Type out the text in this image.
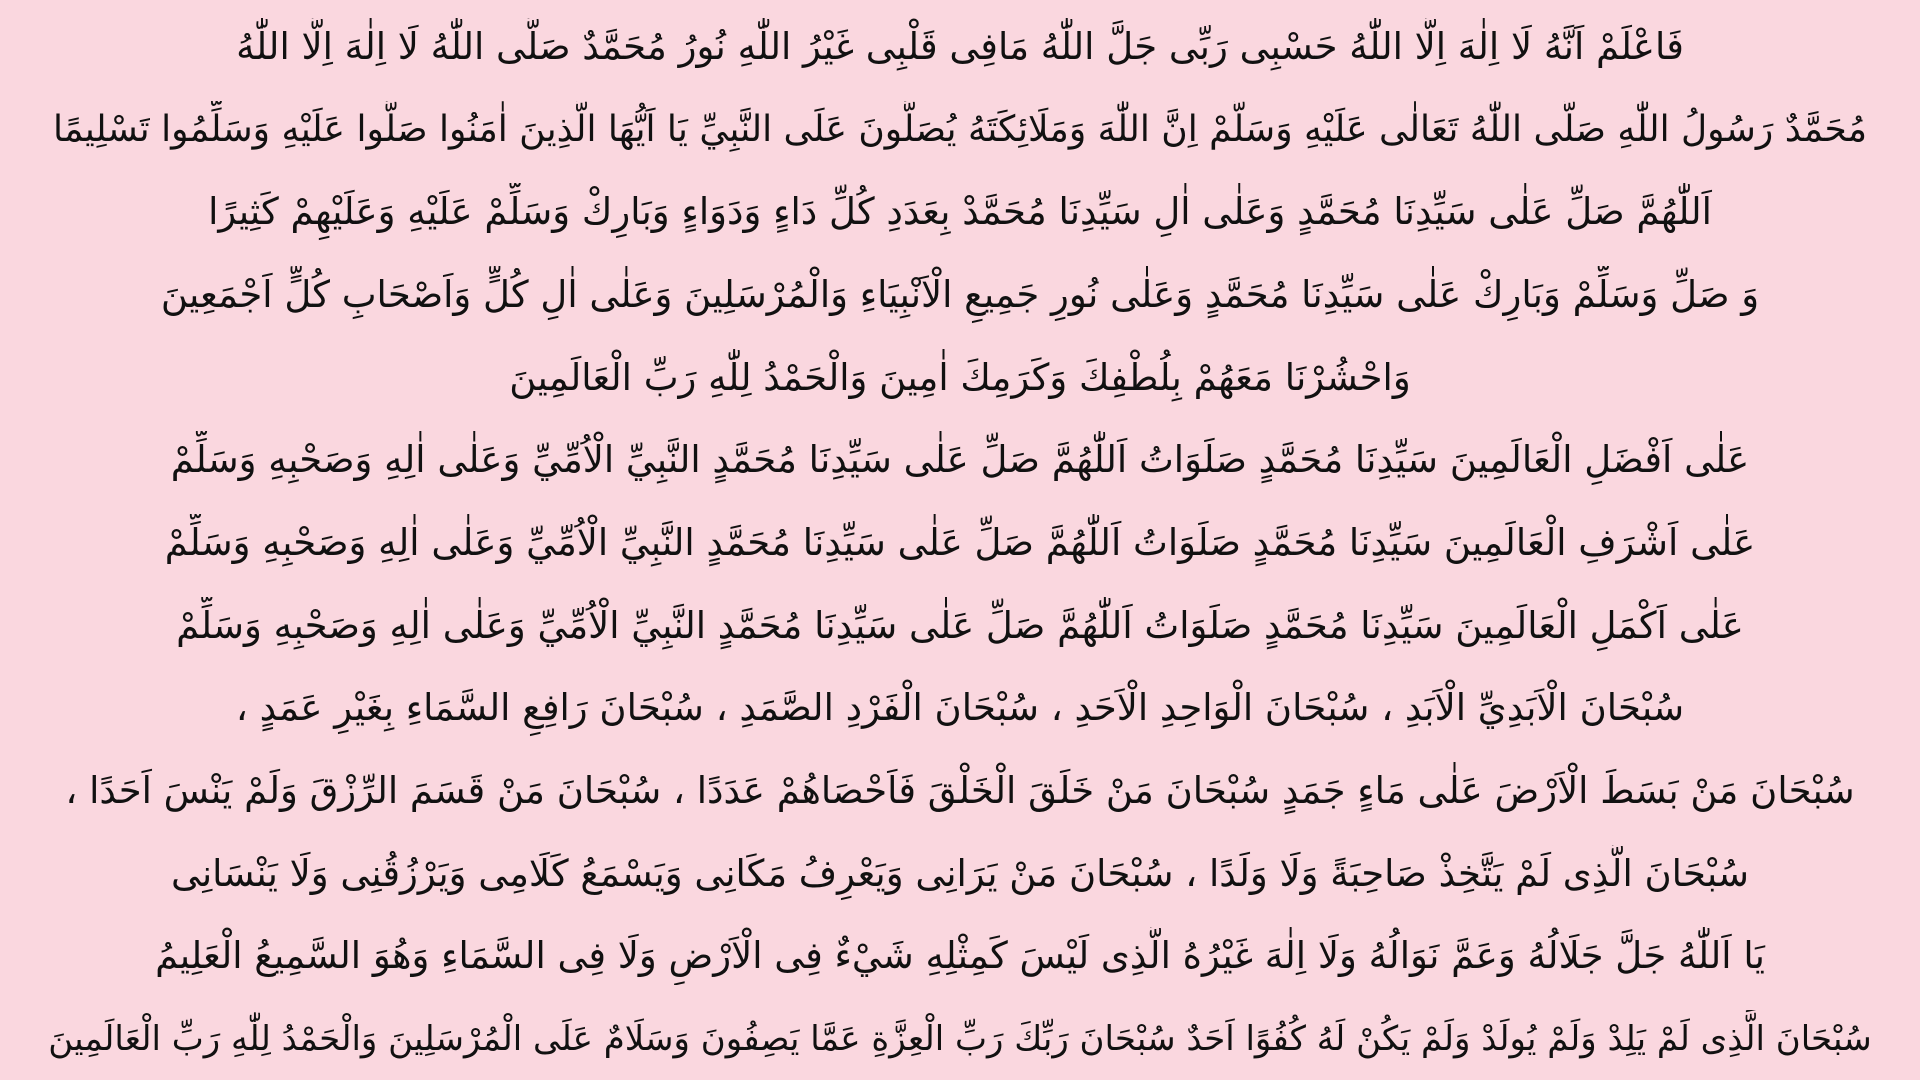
فَاعْلَمْ اَنَّهُ لَا اِلٰهَ اِلَّا اللّٰهُ حَسْبِى رَبِّى جَلَّ اللّٰهُ مَافِى قَلْبِى غَيْرُ اللّٰهِ نُورُ مُحَمَّدٌ صَلَّى اللّٰهُ لَا اِلٰهَ اِلَّا اللّٰهُ
مُحَمَّدٌ رَسُولُ اللّٰهِ صَلَّى اللّٰهُ تَعَالٰى عَلَيْهِ وَسَلَّمْ اِنَّ اللّٰهَ وَمَلَائِكَتَهُ يُصَلُّونَ عَلَى النَّبِيِّ يَا اَيُّهَا الَّذِينَ اٰمَنُوا صَلُّوا عَلَيْهِ وَسَلِّمُوا تَسْلِيمًا
اَللّٰهُمَّ صَلِّ عَلٰى سَيِّدِنَا مُحَمَّدٍ وَعَلٰى اٰلِ سَيِّدِنَا مُحَمَّدْ بِعَدَدِ كُلِّ دَاءٍ وَدَوَاءٍ وَبَارِكْ وَسَلِّمْ عَلَيْهِ وَعَلَيْهِمْ كَثِيرًا
وَ صَلِّ وَسَلِّمْ وَبَارِكْ عَلٰى سَيِّدِنَا مُحَمَّدٍ وَعَلٰى نُورِ جَمِيعِ الْاَنْبِيَاءِ وَالْمُرْسَلِينَ وَعَلٰى اٰلِ كُلٍّ وَاَصْحَابِ كُلٍّ اَجْمَعِينَ
وَاحْشُرْنَا مَعَهُمْ بِلُطْفِكَ وَكَرَمِكَ اٰمِينَ وَالْحَمْدُ لِلّٰهِ رَبِّ الْعَالَمِينَ
عَلٰى اَفْضَلِ الْعَالَمِينَ سَيِّدِنَا مُحَمَّدٍ صَلَوَاتُ اَللّٰهُمَّ صَلِّ عَلٰى سَيِّدِنَا مُحَمَّدٍ النَّبِيِّ الْاُمِّيِّ وَعَلٰى اٰلِهِ وَصَحْبِهِ وَسَلِّمْ
عَلٰى اَشْرَفِ الْعَالَمِينَ سَيِّدِنَا مُحَمَّدٍ صَلَوَاتُ اَللّٰهُمَّ صَلِّ عَلٰى سَيِّدِنَا مُحَمَّدٍ النَّبِيِّ الْاُمِّيِّ وَعَلٰى اٰلِهِ وَصَحْبِهِ وَسَلِّمْ
عَلٰى اَكْمَلِ الْعَالَمِينَ سَيِّدِنَا مُحَمَّدٍ صَلَوَاتُ اَللّٰهُمَّ صَلِّ عَلٰى سَيِّدِنَا مُحَمَّدٍ النَّبِيِّ الْاُمِّيِّ وَعَلٰى اٰلِهِ وَصَحْبِهِ وَسَلِّمْ
سُبْحَانَ الْاَبَدِيِّ الْاَبَدِ ، سُبْحَانَ الْوَاحِدِ الْاَحَدِ ، سُبْحَانَ الْفَرْدِ الصَّمَدِ ، سُبْحَانَ رَافِعِ السَّمَاءِ بِغَيْرِ عَمَدٍ ،
سُبْحَانَ مَنْ بَسَطَ الْاَرْضَ عَلٰى مَاءٍ جَمَدٍ سُبْحَانَ مَنْ خَلَقَ الْخَلْقَ فَاَحْصَاهُمْ عَدَدًا ، سُبْحَانَ مَنْ قَسَمَ الرِّزْقَ وَلَمْ يَنْسَ اَحَدًا ،
سُبْحَانَ الَّذِى لَمْ يَتَّخِذْ صَاحِبَةً وَلَا وَلَدًا ، سُبْحَانَ مَنْ يَرَانِى وَيَعْرِفُ مَكَانِى وَيَسْمَعُ كَلَامِى وَيَرْزُقُنِى وَلَا يَنْسَانِى
يَا اَللّٰهُ جَلَّ جَلَالُهُ وَعَمَّ نَوَالُهُ وَلَا اِلٰهَ غَيْرُهُ الَّذِى لَيْسَ كَمِثْلِهِ شَيْءٌ فِى الْاَرْضِ وَلَا فِى السَّمَاءِ وَهُوَ السَّمِيعُ الْعَلِيمُ
سُبْحَانَ الَّذِى لَمْ يَلِدْ وَلَمْ يُولَدْ وَلَمْ يَكُنْ لَهُ كُفُوًا اَحَدٌ سُبْحَانَ رَبِّكَ رَبِّ الْعِزَّةِ عَمَّا يَصِفُونَ وَسَلَامٌ عَلَى الْمُرْسَلِينَ وَالْحَمْدُ لِلّٰهِ رَبِّ الْعَالَمِينَ
